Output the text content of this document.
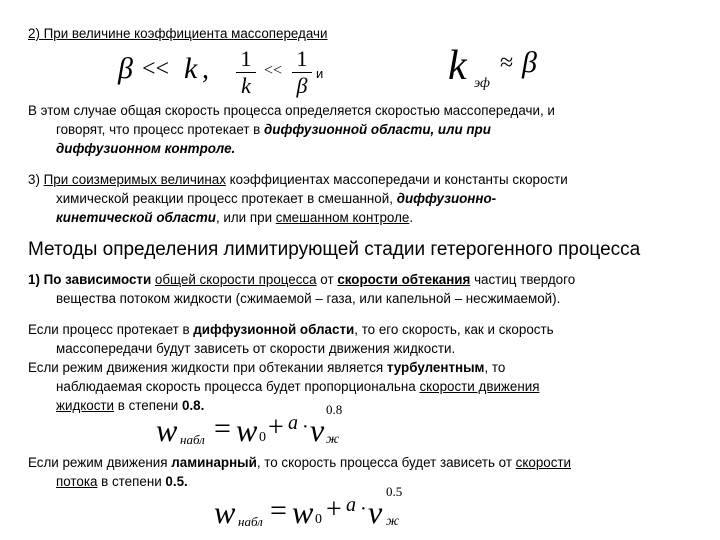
2) При величине коэффициента массопередачи
β << k , 1
k
<< 1
β и	k эф
≈ β
В этом случае общая скорость процесса определяется скоростью массопередачи, и
говорят, что процесс протекает в диффузионной области, или при
диффузионном контроле.
3) При соизмеримых величинах коэффициентах массопередачи и константы скорости
химической реакции процесс протекает в смешанной, диффузионно-
кинетической области, или при смешанном контроле.
Методы определения лимитирующей стадии гетерогенного процесса
1) По зависимости общей скорости процесса от скорости обтекания частиц твердого
вещества потоком жидкости (сжимаемой – газа, или капельной – несжимаемой).
Если процесс протекает в диффузионной области, то его скорость, как и скорость
массопередачи будут зависеть от скорости движения жидкости.
Если режим движения жидкости при обтекании является турбулентным, то
наблюдаемая скорость процесса будет пропорциональна скорости движения
жидкости в степени 0.8.
w набл = w 0 + a · v ж
0.8
Если режим движения ламинарный, то скорость процесса будет зависеть от скорости
потока в степени 0.5.
w набл = w 0 + a · v ж
0.5
